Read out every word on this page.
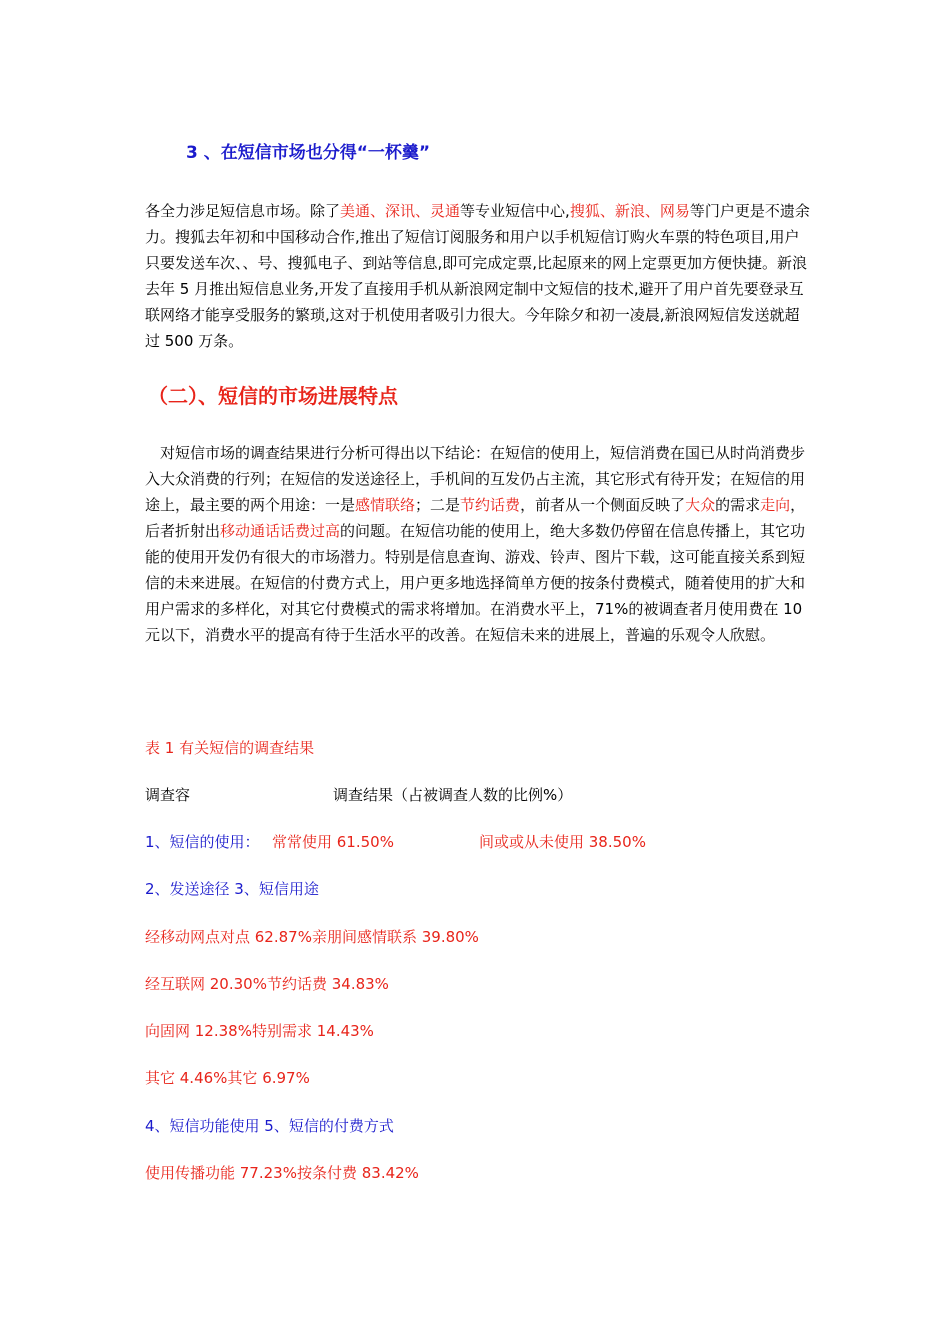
3 、在短信市场也分得“一杯羹”
各全力涉足短信息市场。除了美通、深讯、灵通等专业短信中心,搜狐、新浪、网易等门户更是不遗余力。搜狐去年初和中国移动合作,推出了短信订阅服务和用户以手机短信订购火车票的特色项目,用户只要发送车次、、号、搜狐电子、到站等信息,即可完成定票,比起原来的网上定票更加方便快捷。新浪去年 5 月推出短信息业务,开发了直接用手机从新浪网定制中文短信的技术,避开了用户首先要登录互联网络才能享受服务的繁琐,这对于机使用者吸引力很大。今年除夕和初一凌晨,新浪网短信发送就超过 500 万条。
（二）、短信的市场进展特点
对短信市场的调查结果进行分析可得出以下结论：在短信的使用上，短信消费在国已从时尚消费步入大众消费的行列；在短信的发送途径上，手机间的互发仍占主流，其它形式有待开发；在短信的用途上，最主要的两个用途：一是感情联络；二是节约话费，前者从一个侧面反映了大众的需求走向，后者折射出移动通话话费过高的问题。在短信功能的使用上，绝大多数仍停留在信息传播上，其它功能的使用开发仍有很大的市场潜力。特别是信息查询、游戏、铃声、图片下载，这可能直接关系到短信的未来进展。在短信的付费方式上，用户更多地选择简单方便的按条付费模式，随着使用的扩大和用户需求的多样化，对其它付费模式的需求将增加。在消费水平上，71%的被调查者月使用费在 10 元以下，消费水平的提高有待于生活水平的改善。在短信未来的进展上，普遍的乐观令人欣慰。
表 1 有关短信的调查结果
调查容	调查结果（占被调查人数的比例%）
1、短信的使用： 常常使用 61.50%	间或或从未使用 38.50%
2、发送途径 3、短信用途
经移动网点对点 62.87%亲朋间感情联系 39.80%
经互联网 20.30%节约话费 34.83%
向固网 12.38%特别需求 14.43%
其它 4.46%其它 6.97%
4、短信功能使用 5、短信的付费方式
使用传播功能 77.23%按条付费 83.42%
